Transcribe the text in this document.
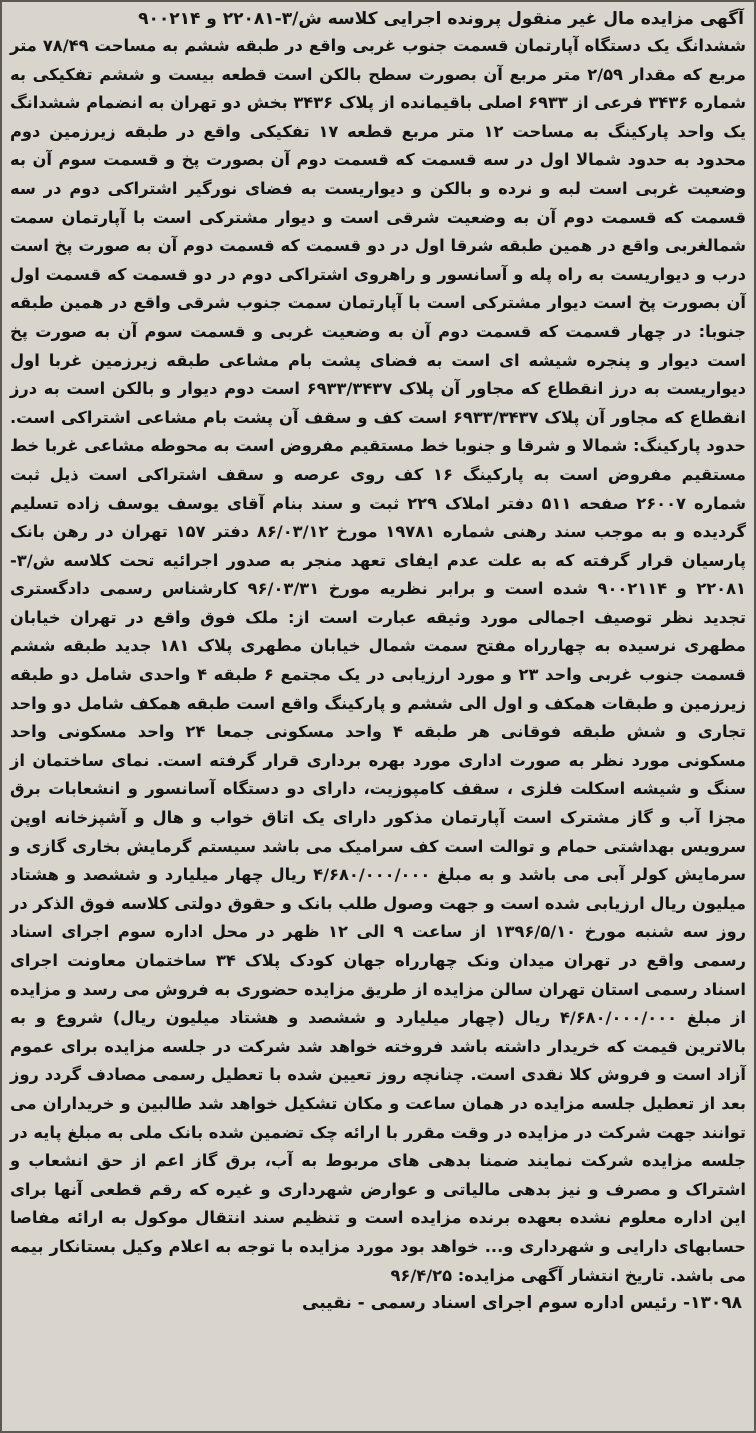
آگهی مزایده مال غیر منقول پرونده اجرایی کلاسه ش/۳-۲۲۰۸۱ و ۹۰۰۲۱۴

ششدانگ یک دستگاه آپارتمان قسمت جنوب غربی واقع در طبقه ششم به مساحت ۷۸/۴۹ متر مربع که مقدار ۲/۵۹ متر مربع آن بصورت سطح بالکن است قطعه بیست و ششم تفکیکی به شماره ۳۴۳۶ فرعی از ۶۹۳۳ اصلی باقیمانده از پلاک ۳۴۳۶ بخش دو تهران به انضمام ششدانگ یک واحد پارکینگ به مساحت ۱۲ متر مربع قطعه ۱۷ تفکیکی واقع در طبقه زیرزمین دوم محدود به حدود شمالا اول در سه قسمت که قسمت دوم آن بصورت پخ و قسمت سوم آن به وضعیت غربی است لبه و نرده و بالکن و دیواریست به فضای نورگیر اشتراکی دوم در سه قسمت که قسمت دوم آن به وضعیت شرقی است و دیوار مشترکی است با آپارتمان سمت شمالغربی واقع در همین طبقه شرقا اول در دو قسمت که قسمت دوم آن به صورت پخ است درب و دیواریست به راه پله و آسانسور و راهروی اشتراکی دوم در دو قسمت که قسمت اول آن بصورت پخ است دیوار مشترکی است با آپارتمان سمت جنوب شرقی واقع در همین طبقه جنوبا: در چهار قسمت که قسمت دوم آن به وضعیت غربی و قسمت سوم آن به صورت پخ است دیوار و پنجره شیشه ای است به فضای پشت بام مشاعی طبقه زیرزمین غربا اول دیواریست به درز انقطاع که مجاور آن پلاک ۶۹۳۳/۳۴۳۷ است دوم دیوار و بالکن است به درز انقطاع که مجاور آن پلاک ۶۹۳۳/۳۴۳۷ است کف و سقف آن پشت بام مشاعی اشتراکی است. حدود پارکینگ: شمالا و شرقا و جنوبا خط مستقیم مفروض است به محوطه مشاعی غربا خط مستقیم مفروض است به پارکینگ ۱۶ کف روی عرصه و سقف اشتراکی است ذیل ثبت شماره ۲۶۰۰۷ صفحه ۵۱۱ دفتر املاک ۲۲۹ ثبت و سند بنام آقای یوسف یوسف زاده تسلیم گردیده و به موجب سند رهنی شماره ۱۹۷۸۱ مورخ ۸۶/۰۳/۱۲ دفتر ۱۵۷ تهران در رهن بانک پارسیان قرار گرفته که به علت عدم ایفای تعهد منجر به صدور اجرائیه تحت کلاسه ش/۳- ۲۲۰۸۱ و ۹۰۰۲۱۱۴ شده است و برابر نظریه مورخ ۹۶/۰۳/۳۱ کارشناس رسمی دادگستری تجدید نظر توصیف اجمالی مورد وثیقه عبارت است از: ملک فوق واقع در تهران خیابان مطهری نرسیده به چهارراه مفتح سمت شمال خیابان مطهری پلاک ۱۸۱ جدید طبقه ششم قسمت جنوب غربی واحد ۲۳ و مورد ارزیابی در یک مجتمع ۶ طبقه ۴ واحدی شامل دو طبقه زیرزمین و طبقات همکف و اول الی ششم و پارکینگ واقع است طبقه همکف شامل دو واحد تجاری و شش طبقه فوقانی هر طبقه ۴ واحد مسکونی جمعا ۲۴ واحد مسکونی واحد مسکونی مورد نظر به صورت اداری مورد بهره برداری قرار گرفته است. نمای ساختمان از سنگ و شیشه اسکلت فلزی ، سقف کامپوزیت، دارای دو دستگاه آسانسور و انشعابات برق مجزا آب و گاز مشترک است آپارتمان مذکور دارای یک اتاق خواب و هال و آشپزخانه اوپن سرویس بهداشتی حمام و توالت است کف سرامیک می باشد سیستم گرمایش بخاری گازی و سرمایش کولر آبی می باشد و به مبلغ ۴/۶۸۰/۰۰۰/۰۰۰ ریال چهار میلیارد و ششصد و هشتاد میلیون ریال ارزیابی شده است و جهت وصول طلب بانک و حقوق دولتی کلاسه فوق الذکر در روز سه شنبه مورخ ۱۳۹۶/۵/۱۰ از ساعت ۹ الی ۱۲ ظهر در محل اداره سوم اجرای اسناد رسمی واقع در تهران میدان ونک چهارراه جهان کودک پلاک ۳۴ ساختمان معاونت اجرای اسناد رسمی استان تهران سالن مزایده از طریق مزایده حضوری به فروش می رسد و مزایده از مبلغ ۴/۶۸۰/۰۰۰/۰۰۰ ریال (چهار میلیارد و ششصد و هشتاد میلیون ریال) شروع و به بالاترین قیمت که خریدار داشته باشد فروخته خواهد شد شرکت در جلسه مزایده برای عموم آزاد است و فروش کلا نقدی است. چنانچه روز تعیین شده با تعطیل رسمی مصادف گردد روز بعد از تعطیل جلسه مزایده در همان ساعت و مکان تشکیل خواهد شد طالبین و خریداران می توانند جهت شرکت در مزایده در وقت مقرر با ارائه چک تضمین شده بانک ملی به مبلغ پایه در جلسه مزایده شرکت نمایند ضمنا بدهی های مربوط به آب، برق گاز اعم از حق انشعاب و اشتراک و مصرف و نیز بدهی مالیاتی و عوارض شهرداری و غیره که رقم قطعی آنها برای این اداره معلوم نشده بعهده برنده مزایده است و تنظیم سند انتقال موکول به ارائه مفاصا حسابهای دارایی و شهرداری و... خواهد بود مورد مزایده با توجه به اعلام وکیل بستانکار بیمه می باشد. تاریخ انتشار آگهی مزایده: ۹۶/۴/۲۵

۱۳۰۹۸- رئیس اداره سوم اجرای اسناد رسمی - نقیبی
